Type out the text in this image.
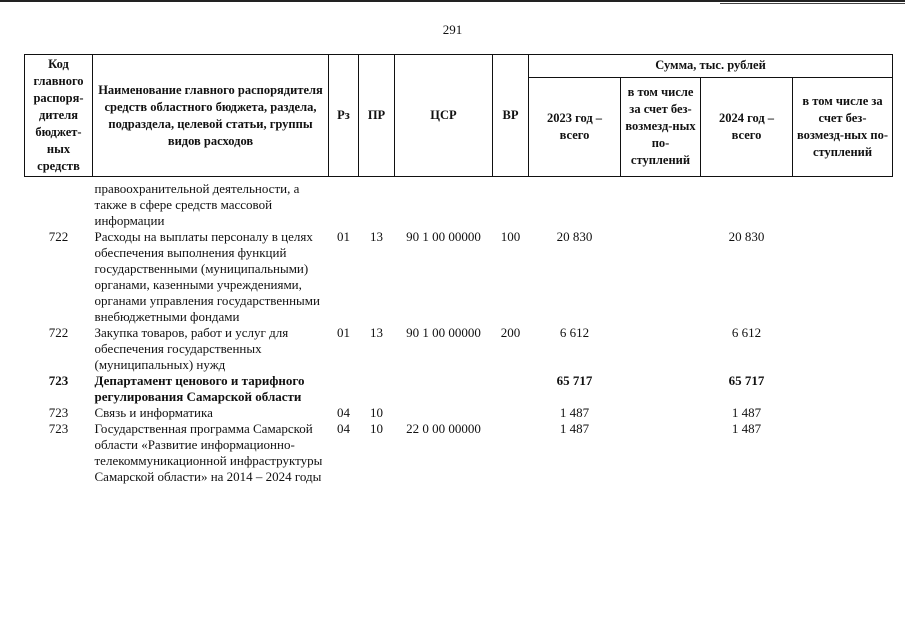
291
Код главного распоря-дителя бюджет-ных средств	Наименование главного распорядителя средств областного бюджета, раздела, подраздела, целевой статьи, группы видов расходов	Рз	ПР	ЦСР	ВР	Сумма, тыс. рублей			
						2023 год – всего	в том числе за счет без-возмезд-ных по-ступлений	2024 год – всего	в том числе за счет без-возмезд-ных по-ступлений
	правоохранительной деятельности, а также в сфере средств массовой информации								
722	Расходы на выплаты персоналу в целях обеспечения выполнения функций государственными (муниципальными) органами, казенными учреждениями, органами управления государственными внебюджетными фондами	01	13	90 1 00 00000	100	20 830		20 830	
722	Закупка товаров, работ и услуг для обеспечения государственных (муниципальных) нужд	01	13	90 1 00 00000	200	6 612		6 612	
723	Департамент ценового и тарифного регулирования Самарской области					65 717		65 717	
723	Связь и информатика	04	10			1 487		1 487	
723	Государственная программа Самарской области «Развитие информационно-телекоммуникационной инфраструктуры Самарской области» на 2014 – 2024 годы	04	10	22 0 00 00000		1 487		1 487	
